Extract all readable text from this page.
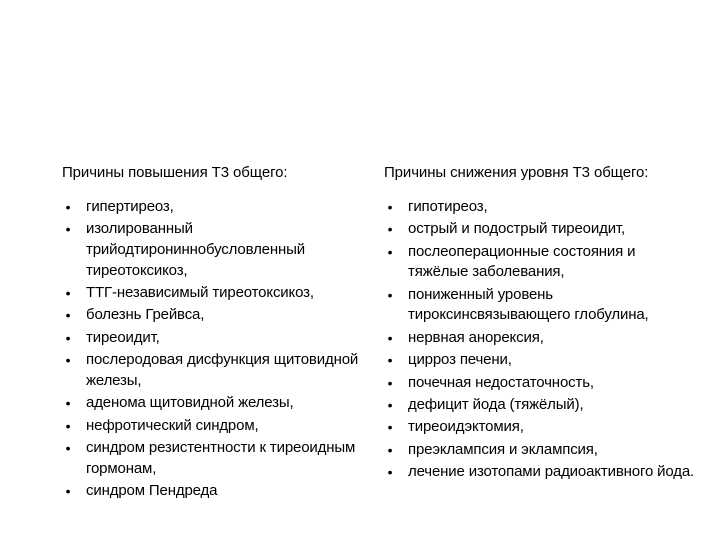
Причины повышения Т3 общего:
• гипертиреоз,
• изолированный трийодтирониннобусловленный тиреотоксикоз,
• ТТГ-независимый тиреотоксикоз,
• болезнь Грейвса,
• тиреоидит,
• послеродовая дисфункция щитовидной железы,
• аденома щитовидной железы,
• нефротический синдром,
• синдром резистентности к тиреоидным гормонам,
• синдром Пендреда
Причины снижения уровня Т3 общего:
• гипотиреоз,
• острый и подострый тиреоидит,
• послеоперационные состояния и тяжёлые заболевания,
• пониженный уровень тироксинсвязывающего глобулина,
• нервная анорексия,
• цирроз печени,
• почечная недостаточность,
• дефицит йода (тяжёлый),
• тиреоидэктомия,
• преэклампсия и эклампсия,
• лечение изотопами радиоактивного йода.
